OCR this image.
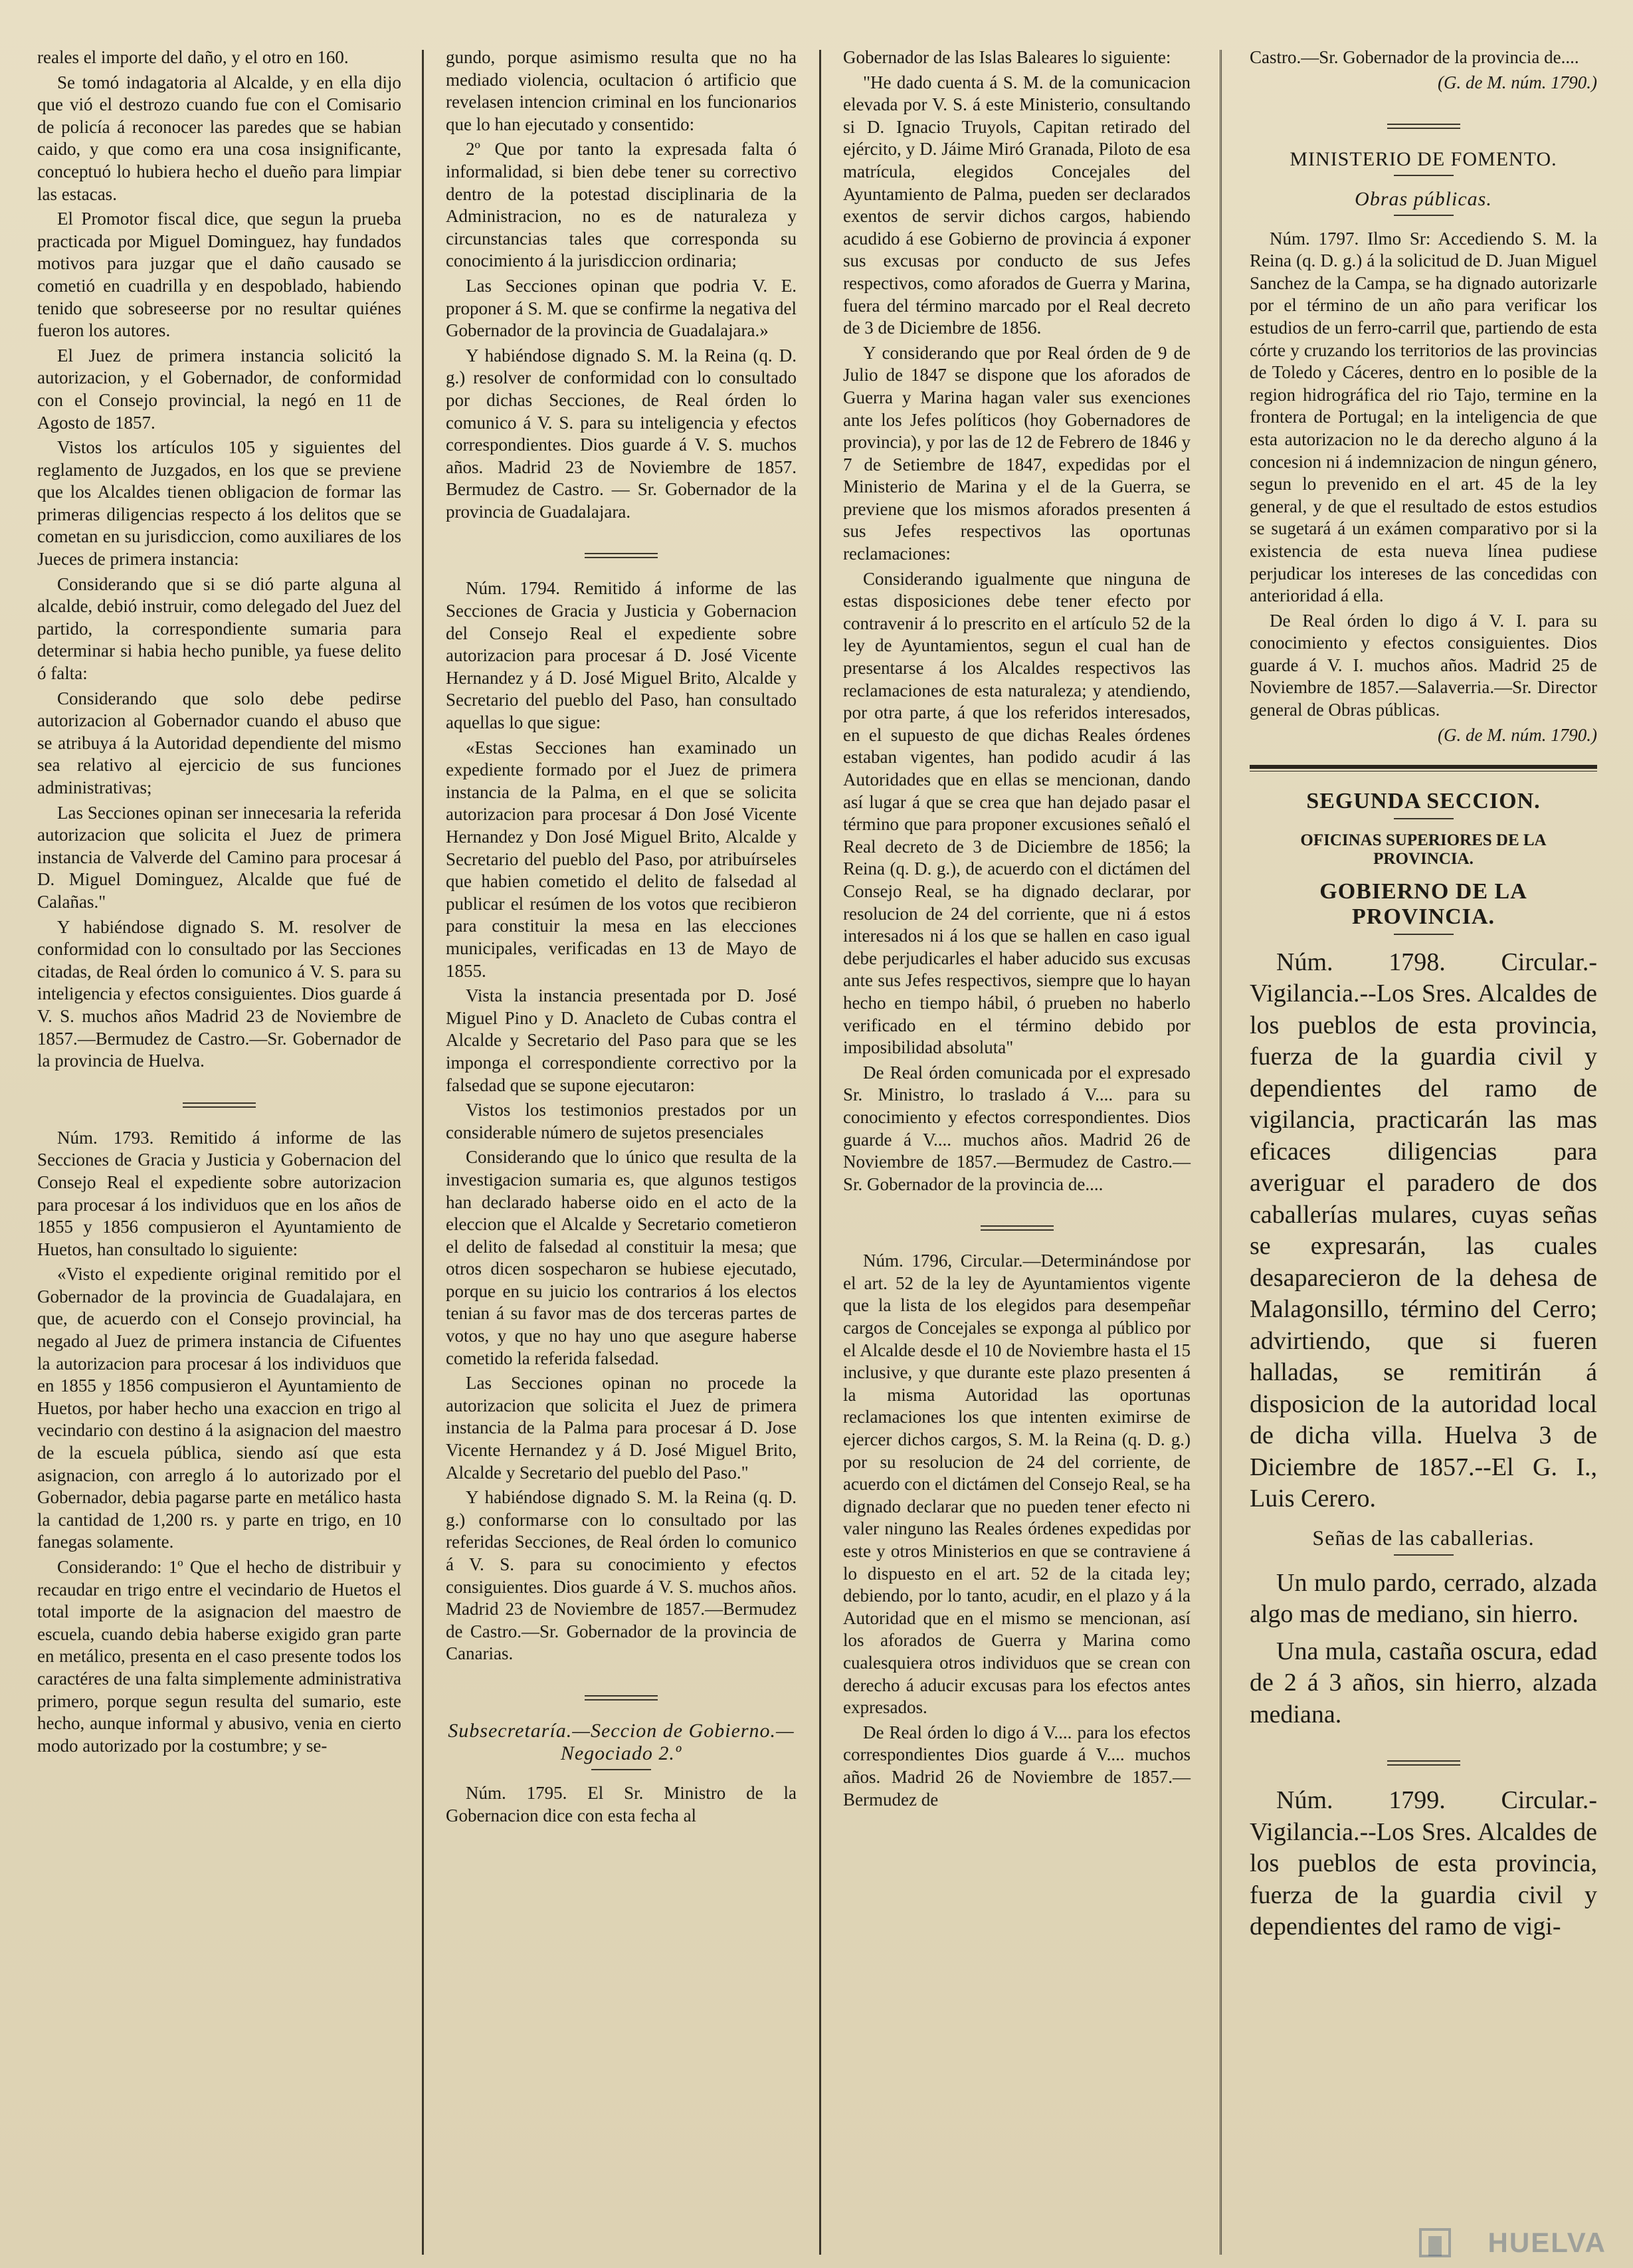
reales el importe del daño, y el otro en 160.

Se tomó indagatoria al Alcalde, y en ella dijo que vió el destrozo cuando fue con el Comisario de policía á reconocer las paredes que se habian caido, y que como era una cosa insignificante, conceptuó lo hubiera hecho el dueño para limpiar las estacas.

El Promotor fiscal dice, que segun la prueba practicada por Miguel Dominguez, hay fundados motivos para juzgar que el daño causado se cometió en cuadrilla y en despoblado, habiendo tenido que sobreseerse por no resultar quiénes fueron los autores.

El Juez de primera instancia solicitó la autorizacion, y el Gobernador, de conformidad con el Consejo provincial, la negó en 11 de Agosto de 1857.

Vistos los artículos 105 y siguientes del reglamento de Juzgados, en los que se previene que los Alcaldes tienen obligacion de formar las primeras diligencias respecto á los delitos que se cometan en su jurisdiccion, como auxiliares de los Jueces de primera instancia:

Considerando que si se dió parte alguna al alcalde, debió instruir, como delegado del Juez del partido, la correspondiente sumaria para determinar si habia hecho punible, ya fuese delito ó falta:

Considerando que solo debe pedirse autorizacion al Gobernador cuando el abuso que se atribuya á la Autoridad dependiente del mismo sea relativo al ejercicio de sus funciones administrativas;

Las Secciones opinan ser innecesaria la referida autorizacion que solicita el Juez de primera instancia de Valverde del Camino para procesar á D. Miguel Dominguez, Alcalde que fué de Calañas."

Y habiéndose dignado S. M. resolver de conformidad con lo consultado por las Secciones citadas, de Real órden lo comunico á V. S. para su inteligencia y efectos consiguientes. Dios guarde á V. S. muchos años Madrid 23 de Noviembre de 1857.—Bermudez de Castro.—Sr. Gobernador de la provincia de Huelva.

Núm. 1793. Remitido á informe de las Secciones de Gracia y Justicia y Gobernacion del Consejo Real el expediente sobre autorizacion para procesar á los individuos que en los años de 1855 y 1856 compusieron el Ayuntamiento de Huetos, han consultado lo siguiente:

«Visto el expediente original remitido por el Gobernador de la provincia de Guadalajara, en que, de acuerdo con el Consejo provincial, ha negado al Juez de primera instancia de Cifuentes la autorizacion para procesar á los individuos que en 1855 y 1856 compusieron el Ayuntamiento de Huetos, por haber hecho una exaccion en trigo al vecindario con destino á la asignacion del maestro de la escuela pública, siendo así que esta asignacion, con arreglo á lo autorizado por el Gobernador, debia pagarse parte en metálico hasta la cantidad de 1,200 rs. y parte en trigo, en 10 fanegas solamente.

Considerando: 1º Que el hecho de distribuir y recaudar en trigo entre el vecindario de Huetos el total importe de la asignacion del maestro de escuela, cuando debia haberse exigido gran parte en metálico, presenta en el caso presente todos los caractéres de una falta simplemente administrativa primero, porque segun resulta del sumario, este hecho, aunque informal y abusivo, venia en cierto modo autorizado por la costumbre; y se-

gundo, porque asimismo resulta que no ha mediado violencia, ocultacion ó artificio que revelasen intencion criminal en los funcionarios que lo han ejecutado y consentido:

2º Que por tanto la expresada falta ó informalidad, si bien debe tener su correctivo dentro de la potestad disciplinaria de la Administracion, no es de naturaleza y circunstancias tales que corresponda su conocimiento á la jurisdiccion ordinaria;

Las Secciones opinan que podria V. E. proponer á S. M. que se confirme la negativa del Gobernador de la provincia de Guadalajara.»

Y habiéndose dignado S. M. la Reina (q. D. g.) resolver de conformidad con lo consultado por dichas Secciones, de Real órden lo comunico á V. S. para su inteligencia y efectos correspondientes. Dios guarde á V. S. muchos años. Madrid 23 de Noviembre de 1857. Bermudez de Castro. — Sr. Gobernador de la provincia de Guadalajara.

Núm. 1794. Remitido á informe de las Secciones de Gracia y Justicia y Gobernacion del Consejo Real el expediente sobre autorizacion para procesar á D. José Vicente Hernandez y á D. José Miguel Brito, Alcalde y Secretario del pueblo del Paso, han consultado aquellas lo que sigue:

«Estas Secciones han examinado un expediente formado por el Juez de primera instancia de la Palma, en el que se solicita autorizacion para procesar á Don José Vicente Hernandez y Don José Miguel Brito, Alcalde y Secretario del pueblo del Paso, por atribuírseles que habien cometido el delito de falsedad al publicar el resúmen de los votos que recibieron para constituir la mesa en las elecciones municipales, verificadas en 13 de Mayo de 1855.

Vista la instancia presentada por D. José Miguel Pino y D. Anacleto de Cubas contra el Alcalde y Secretario del Paso para que se les imponga el correspondiente correctivo por la falsedad que se supone ejecutaron:

Vistos los testimonios prestados por un considerable número de sujetos presenciales

Considerando que lo único que resulta de la investigacion sumaria es, que algunos testigos han declarado haberse oido en el acto de la eleccion que el Alcalde y Secretario cometieron el delito de falsedad al constituir la mesa; que otros dicen sospecharon se hubiese ejecutado, porque en su juicio los contrarios á los electos tenian á su favor mas de dos terceras partes de votos, y que no hay uno que asegure haberse cometido la referida falsedad.

Las Secciones opinan no procede la autorizacion que solicita el Juez de primera instancia de la Palma para procesar á D. Jose Vicente Hernandez y á D. José Miguel Brito, Alcalde y Secretario del pueblo del Paso."

Y habiéndose dignado S. M. la Reina (q. D. g.) conformarse con lo consultado por las referidas Secciones, de Real órden lo comunico á V. S. para su conocimiento y efectos consiguientes. Dios guarde á V. S. muchos años. Madrid 23 de Noviembre de 1857.—Bermudez de Castro.—Sr. Gobernador de la provincia de Canarias.

Subsecretaría.—Seccion de Gobierno.—Negociado 2.º

Núm. 1795. El Sr. Ministro de la Gobernacion dice con esta fecha al

Gobernador de las Islas Baleares lo siguiente:

"He dado cuenta á S. M. de la comunicacion elevada por V. S. á este Ministerio, consultando si D. Ignacio Truyols, Capitan retirado del ejército, y D. Jáime Miró Granada, Piloto de esa matrícula, elegidos Concejales del Ayuntamiento de Palma, pueden ser declarados exentos de servir dichos cargos, habiendo acudido á ese Gobierno de provincia á exponer sus excusas por conducto de sus Jefes respectivos, como aforados de Guerra y Marina, fuera del término marcado por el Real decreto de 3 de Diciembre de 1856.

Y considerando que por Real órden de 9 de Julio de 1847 se dispone que los aforados de Guerra y Marina hagan valer sus exenciones ante los Jefes políticos (hoy Gobernadores de provincia), y por las de 12 de Febrero de 1846 y 7 de Setiembre de 1847, expedidas por el Ministerio de Marina y el de la Guerra, se previene que los mismos aforados presenten á sus Jefes respectivos las oportunas reclamaciones:

Considerando igualmente que ninguna de estas disposiciones debe tener efecto por contravenir á lo prescrito en el artículo 52 de la ley de Ayuntamientos, segun el cual han de presentarse á los Alcaldes respectivos las reclamaciones de esta naturaleza; y atendiendo, por otra parte, á que los referidos interesados, en el supuesto de que dichas Reales órdenes estaban vigentes, han podido acudir á las Autoridades que en ellas se mencionan, dando así lugar á que se crea que han dejado pasar el término que para proponer excusiones señaló el Real decreto de 3 de Diciembre de 1856; la Reina (q. D. g.), de acuerdo con el dictámen del Consejo Real, se ha dignado declarar, por resolucion de 24 del corriente, que ni á estos interesados ni á los que se hallen en caso igual debe perjudicarles el haber aducido sus excusas ante sus Jefes respectivos, siempre que lo hayan hecho en tiempo hábil, ó prueben no haberlo verificado en el término debido por imposibilidad absoluta"

De Real órden comunicada por el expresado Sr. Ministro, lo traslado á V.... para su conocimiento y efectos correspondientes. Dios guarde á V.... muchos años. Madrid 26 de Noviembre de 1857.—Bermudez de Castro.— Sr. Gobernador de la provincia de....

Núm. 1796, Circular.—Determinándose por el art. 52 de la ley de Ayuntamientos vigente que la lista de los elegidos para desempeñar cargos de Concejales se exponga al público por el Alcalde desde el 10 de Noviembre hasta el 15 inclusive, y que durante este plazo presenten á la misma Autoridad las oportunas reclamaciones los que intenten eximirse de ejercer dichos cargos, S. M. la Reina (q. D. g.) por su resolucion de 24 del corriente, de acuerdo con el dictámen del Consejo Real, se ha dignado declarar que no pueden tener efecto ni valer ninguno las Reales órdenes expedidas por este y otros Ministerios en que se contraviene á lo dispuesto en el art. 52 de la citada ley; debiendo, por lo tanto, acudir, en el plazo y á la Autoridad que en el mismo se mencionan, así los aforados de Guerra y Marina como cualesquiera otros individuos que se crean con derecho á aducir excusas para los efectos antes expresados.

De Real órden lo digo á V.... para los efectos correspondientes Dios guarde á V.... muchos años. Madrid 26 de Noviembre de 1857.—Bermudez de

Castro.—Sr. Gobernador de la provincia de....

(G. de M. núm. 1790.)
MINISTERIO DE FOMENTO.
Obras públicas.

Núm. 1797. Ilmo Sr: Accediendo S. M. la Reina (q. D. g.) á la solicitud de D. Juan Miguel Sanchez de la Campa, se ha dignado autorizarle por el término de un año para verificar los estudios de un ferro-carril que, partiendo de esta córte y cruzando los territorios de las provincias de Toledo y Cáceres, dentro en lo posible de la region hidrográfica del rio Tajo, termine en la frontera de Portugal; en la inteligencia de que esta autorizacion no le da derecho alguno á la concesion ni á indemnizacion de ningun género, segun lo prevenido en el art. 45 de la ley general, y de que el resultado de estos estudios se sugetará á un exámen comparativo por si la existencia de esta nueva línea pudiese perjudicar los intereses de las concedidas con anterioridad á ella.

De Real órden lo digo á V. I. para su conocimiento y efectos consiguientes. Dios guarde á V. I. muchos años. Madrid 25 de Noviembre de 1857.—Salaverria.—Sr. Director general de Obras públicas.

(G. de M. núm. 1790.)
SEGUNDA SECCION.
OFICINAS SUPERIORES DE LA PROVINCIA.
GOBIERNO DE LA PROVINCIA.

Núm. 1798. Circular.-Vigilancia.--Los Sres. Alcaldes de los pueblos de esta provincia, fuerza de la guardia civil y dependientes del ramo de vigilancia, practicarán las mas eficaces diligencias para averiguar el paradero de dos caballerías mulares, cuyas señas se expresarán, las cuales desaparecieron de la dehesa de Malagonsillo, término del Cerro; advirtiendo, que si fueren halladas, se remitirán á disposicion de la autoridad local de dicha villa. Huelva 3 de Diciembre de 1857.--El G. I., Luis Cerero.

Señas de las caballerias.

Un mulo pardo, cerrado, alzada algo mas de mediano, sin hierro.

Una mula, castaña oscura, edad de 2 á 3 años, sin hierro, alzada mediana.

Núm. 1799. Circular.-Vigilancia.--Los Sres. Alcaldes de los pueblos de esta provincia, fuerza de la guardia civil y dependientes del ramo de vigi-

HUELVA
